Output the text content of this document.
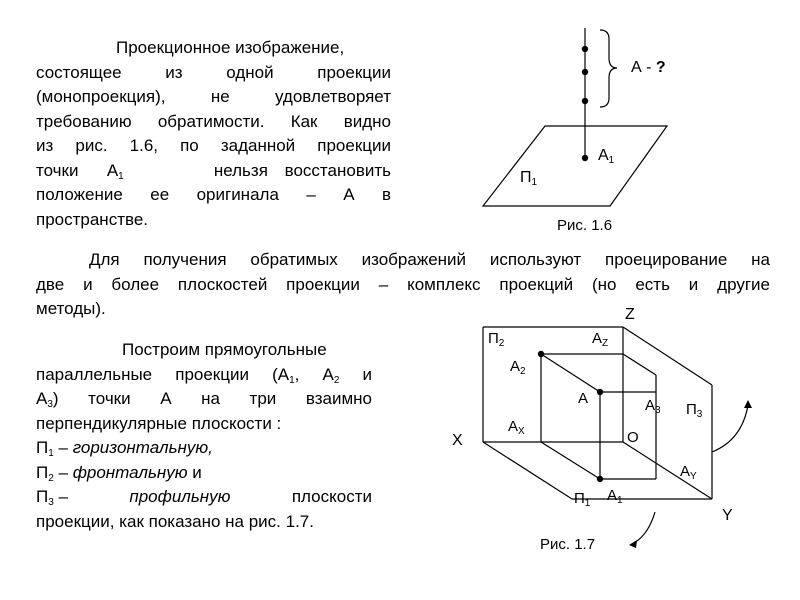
Проекционное изображение,
состоящее из одной проекции
(монопроекция), не удовлетворяет
требованию обратимости. Как видно
из рис. 1.6, по заданной проекции
точки      $А_1$	нельзя восстановить
положение ее оригинала – А в
пространстве.
А - ?
$А_1$
$П_1$
Рис. 1.6
Для получения обратимых изображений используют проецирование на
две и более плоскостей проекции – комплекс проекций (но есть и другие
методы).
Построим прямоугольные
параллельные проекции ($А_1$, $А_2$ и
$А_3$) точки А на три взаимно
перпендикулярные плоскости :
$П_1$ – горизонтальную,
$П_2$ – фронтальную и
$П_3$ –	профильную	плоскости
проекции, как показано на рис. 1.7.
Z
X
Y
O
A
$П_2$	$А_Z$
$А_2$
$А_3$ $П_3$
$А_X$
$А_Y$
$П_1$ $А_1$
Рис. 1.7
